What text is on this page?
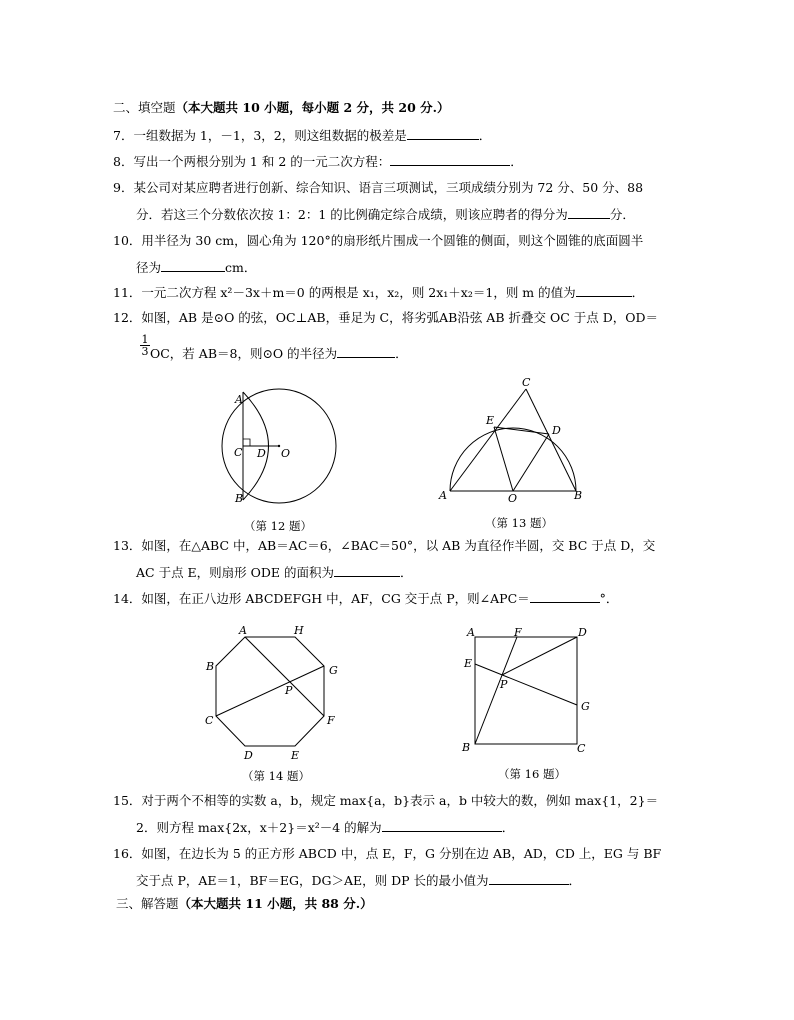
二、填空题（本大题共 10 小题，每小题 2 分，共 20 分.）
7．一组数据为 1，－1，3，2，则这组数据的极差是	．
8．写出一个两根分别为 1 和 2 的一元二次方程：	．
9．某公司对某应聘者进行创新、综合知识、语言三项测试，三项成绩分别为 72 分、50 分、88
分．若这三个分数依次按 1：2：1 的比例确定综合成绩，则该应聘者的得分为	分．
10．用半径为 30 cm，圆心角为 120°的扇形纸片围成一个圆锥的侧面，则这个圆锥的底面圆半
径为	cm．
11．一元二次方程 x²－3x＋m＝0 的两根是 x₁，x₂，则 2x₁＋x₂＝1，则 m 的值为	．
12．如图，AB 是⊙O 的弦，OC⊥AB，垂足为 C，将劣弧AB沿弦 AB 折叠交 OC 于点 D，OD＝
$\frac{1}{3}$ OC，若 AB＝8，则⊙O 的半径为	．
A
C D O
B
（第 12 题）
C
E
D
A	O	B
（第 13 题）
13．如图，在△ABC 中，AB＝AC＝6，∠BAC＝50°，以 AB 为直径作半圆，交 BC 于点 D，交
AC 于点 E，则扇形 ODE 的面积为	．
14．如图，在正八边形 ABCDEFGH 中，AF，CG 交于点 P，则∠APC＝	°．
A	H
B	G
P
C	F
D	E
（第 14 题）
A	F	D
E
P
G
B	C
（第 16 题）
15．对于两个不相等的实数 a，b，规定 max{a，b}表示 a，b 中较大的数，例如 max{1，2}＝
2．则方程 max{2x，x＋2}＝x²－4 的解为	．
16．如图，在边长为 5 的正方形 ABCD 中，点 E，F，G 分别在边 AB，AD，CD 上，EG 与 BF
交于点 P，AE＝1，BF＝EG，DG＞AE，则 DP 长的最小值为	．
三、解答题（本大题共 11 小题，共 88 分.）
